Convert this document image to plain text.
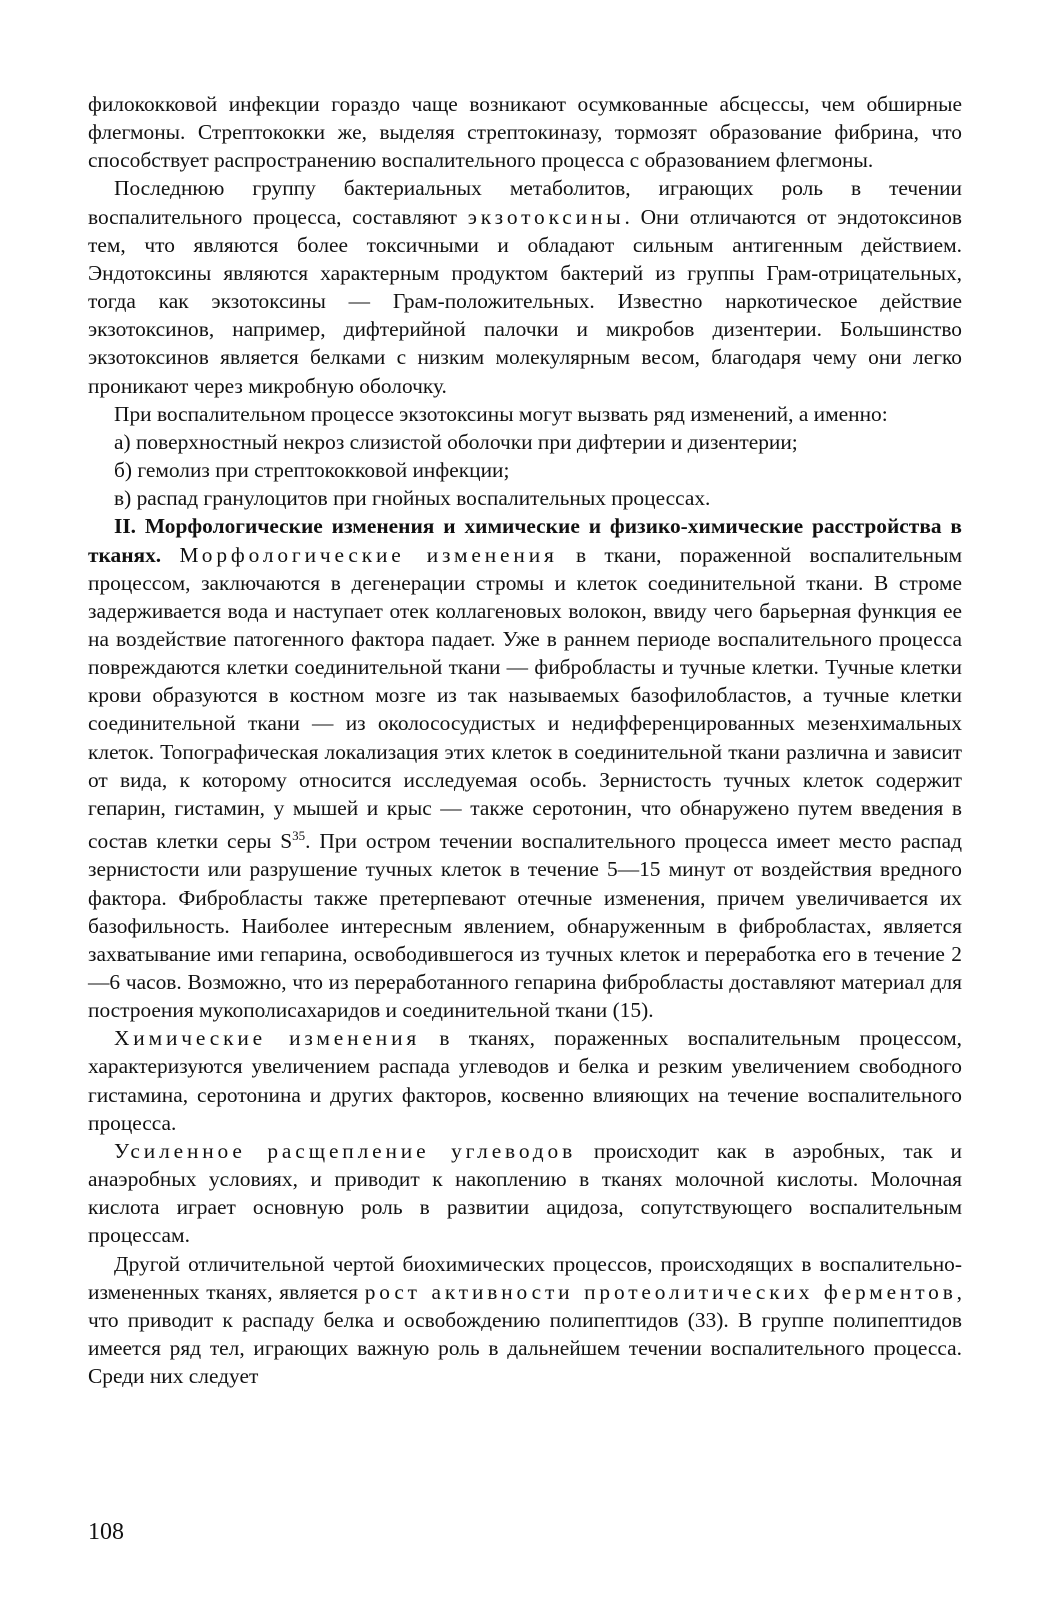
филококковой инфекции гораздо чаще возникают осумкованные абсцессы, чем обширные флегмоны. Стрептококки же, выделяя стрептокиназу, тормозят образование фибрина, что способствует распространению воспалительного процесса с образованием флегмоны.

Последнюю группу бактериальных метаболитов, играющих роль в течении воспалительного процесса, составляют экзотоксины. Они отличаются от эндотоксинов тем, что являются более токсичными и обладают сильным антигенным действием. Эндотоксины являются характерным продуктом бактерий из группы Грам-отрицательных, тогда как экзотоксины — Грам-положительных. Известно наркотическое действие экзотоксинов, например, дифтерийной палочки и микробов дизентерии. Большинство экзотоксинов является белками с низким молекулярным весом, благодаря чему они легко проникают через микробную оболочку.

При воспалительном процессе экзотоксины могут вызвать ряд изменений, а именно:

а) поверхностный некроз слизистой оболочки при дифтерии и дизентерии;

б) гемолиз при стрептококковой инфекции;

в) распад гранулоцитов при гнойных воспалительных процессах.

II. Морфологические изменения и химические и физико-химические расстройства в тканях. Морфологические изменения в ткани, пораженной воспалительным процессом, заключаются в дегенерации стромы и клеток соединительной ткани. В строме задерживается вода и наступает отек коллагеновых волокон, ввиду чего барьерная функция ее на воздействие патогенного фактора падает. Уже в раннем периоде воспалительного процесса повреждаются клетки соединительной ткани — фибробласты и тучные клетки. Тучные клетки крови образуются в костном мозге из так называемых базофилобластов, а тучные клетки соединительной ткани — из околососудистых и недифференцированных мезенхимальных клеток. Топографическая локализация этих клеток в соединительной ткани различна и зависит от вида, к которому относится исследуемая особь. Зернистость тучных клеток содержит гепарин, гистамин, у мышей и крыс — также серотонин, что обнаружено путем введения в состав клетки серы $S^{35}$. При остром течении воспалительного процесса имеет место распад зернистости или разрушение тучных клеток в течение 5—15 минут от воздействия вредного фактора. Фибробласты также претерпевают отечные изменения, причем увеличивается их базофильность. Наиболее интересным явлением, обнаруженным в фибробластах, является захватывание ими гепарина, освободившегося из тучных клеток и переработка его в течение 2—6 часов. Возможно, что из переработанного гепарина фибробласты доставляют материал для построения мукополисахаридов и соединительной ткани (15).

Химические изменения в тканях, пораженных воспалительным процессом, характеризуются увеличением распада углеводов и белка и резким увеличением свободного гистамина, серотонина и других факторов, косвенно влияющих на течение воспалительного процесса.

Усиленное расщепление углеводов происходит как в аэробных, так и анаэробных условиях, и приводит к накоплению в тканях молочной кислоты. Молочная кислота играет основную роль в развитии ацидоза, сопутствующего воспалительным процессам.

Другой отличительной чертой биохимических процессов, происходящих в воспалительно-измененных тканях, является рост активности протеолитических ферментов, что приводит к распаду белка и освобождению полипептидов (33). В группе полипептидов имеется ряд тел, играющих важную роль в дальнейшем течении воспалительного процесса. Среди них следует

108
